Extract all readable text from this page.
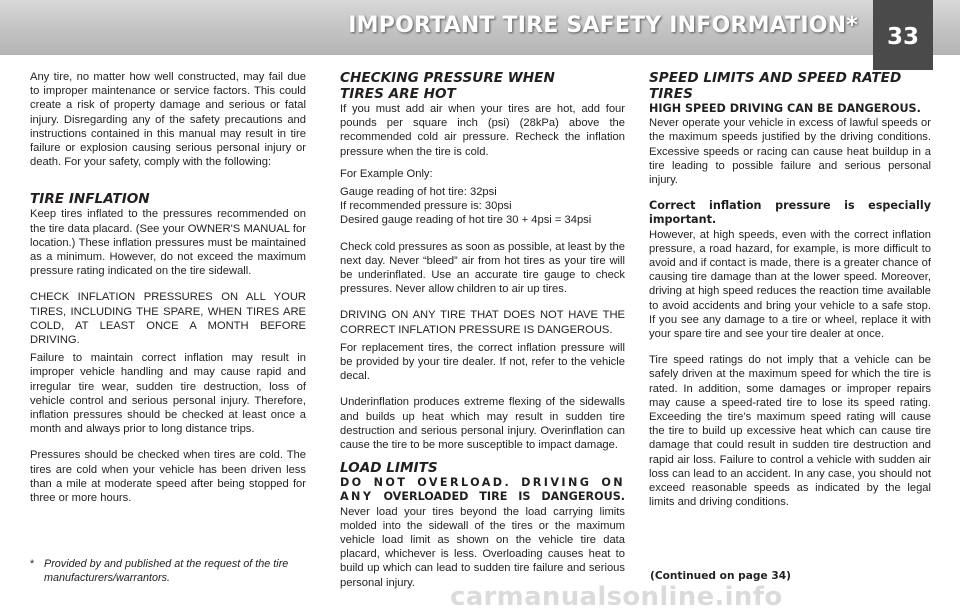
IMPORTANT TIRE SAFETY INFORMATION*	33

Any tire, no matter how well constructed, may fail due to improper maintenance or service factors. This could create a risk of property damage and serious or fatal injury. Disregarding any of the safety precautions and instructions contained in this manual may result in tire failure or explosion causing serious personal injury or death. For your safety, comply with the following:

TIRE INFLATION

Keep tires inflated to the pressures recommended on the tire data placard. (See your OWNER'S MANUAL for location.) These inflation pressures must be maintained as a minimum. However, do not exceed the maximum pressure rating indicated on the tire sidewall.

CHECK INFLATION PRESSURES ON ALL YOUR TIRES, INCLUDING THE SPARE, WHEN TIRES ARE COLD, AT LEAST ONCE A MONTH BEFORE DRIVING.

Failure to maintain correct inflation may result in improper vehicle handling and may cause rapid and irregular tire wear, sudden tire destruction, loss of vehicle control and serious personal injury. Therefore, inflation pressures should be checked at least once a month and always prior to long distance trips.

Pressures should be checked when tires are cold. The tires are cold when your vehicle has been driven less than a mile at moderate speed after being stopped for three or more hours.

CHECKING PRESSURE WHEN
TIRES ARE HOT

If you must add air when your tires are hot, add four pounds per square inch (psi) (28kPa) above the recommended cold air pressure. Recheck the inflation pressure when the tire is cold.

For Example Only:

Gauge reading of hot tire: 32psi

If recommended pressure is: 30psi

Desired gauge reading of hot tire 30 + 4psi = 34psi

Check cold pressures as soon as possible, at least by the next day. Never “bleed” air from hot tires as your tire will be underinflated. Use an accurate tire gauge to check pressures. Never allow children to air up tires.

DRIVING ON ANY TIRE THAT DOES NOT HAVE THE CORRECT INFLATION PRESSURE IS DANGEROUS.

For replacement tires, the correct inflation pressure will be provided by your tire dealer. If not, refer to the vehicle decal.

Underinflation produces extreme flexing of the sidewalls and builds up heat which may result in sudden tire destruction and serious personal injury. Overinflation can cause the tire to be more susceptible to impact damage.

LOAD LIMITS

DO NOT OVERLOAD. DRIVING ON ANY OVERLOADED TIRE IS DANGEROUS. Never load your tires beyond the load carrying limits molded into the sidewall of the tires or the maximum vehicle load limit as shown on the vehicle tire data placard, whichever is less. Overloading causes heat to build up which can lead to sudden tire failure and serious personal injury.

SPEED LIMITS AND SPEED RATED
TIRES

HIGH SPEED DRIVING CAN BE DANGEROUS.

Never operate your vehicle in excess of lawful speeds or the maximum speeds justified by the driving conditions. Excessive speeds or racing can cause heat buildup in a tire leading to possible failure and serious personal injury.

Correct inflation pressure is especially important.

However, at high speeds, even with the correct inflation pressure, a road hazard, for example, is more difficult to avoid and if contact is made, there is a greater chance of causing tire damage than at the lower speed. Moreover, driving at high speed reduces the reaction time available to avoid accidents and bring your vehicle to a safe stop. If you see any damage to a tire or wheel, replace it with your spare tire and see your tire dealer at once.

Tire speed ratings do not imply that a vehicle can be safely driven at the maximum speed for which the tire is rated. In addition, some damages or improper repairs may cause a speed-rated tire to lose its speed rating. Exceeding the tire’s maximum speed rating will cause the tire to build up excessive heat which can cause tire damage that could result in sudden tire destruction and rapid air loss. Failure to control a vehicle with sudden air loss can lead to an accident. In any case, you should not exceed reasonable speeds as indicated by the legal limits and driving conditions.

* Provided by and published at the request of the tire manufacturers/warrantors.	(Continued on page 34)
carmanualsonline.info
